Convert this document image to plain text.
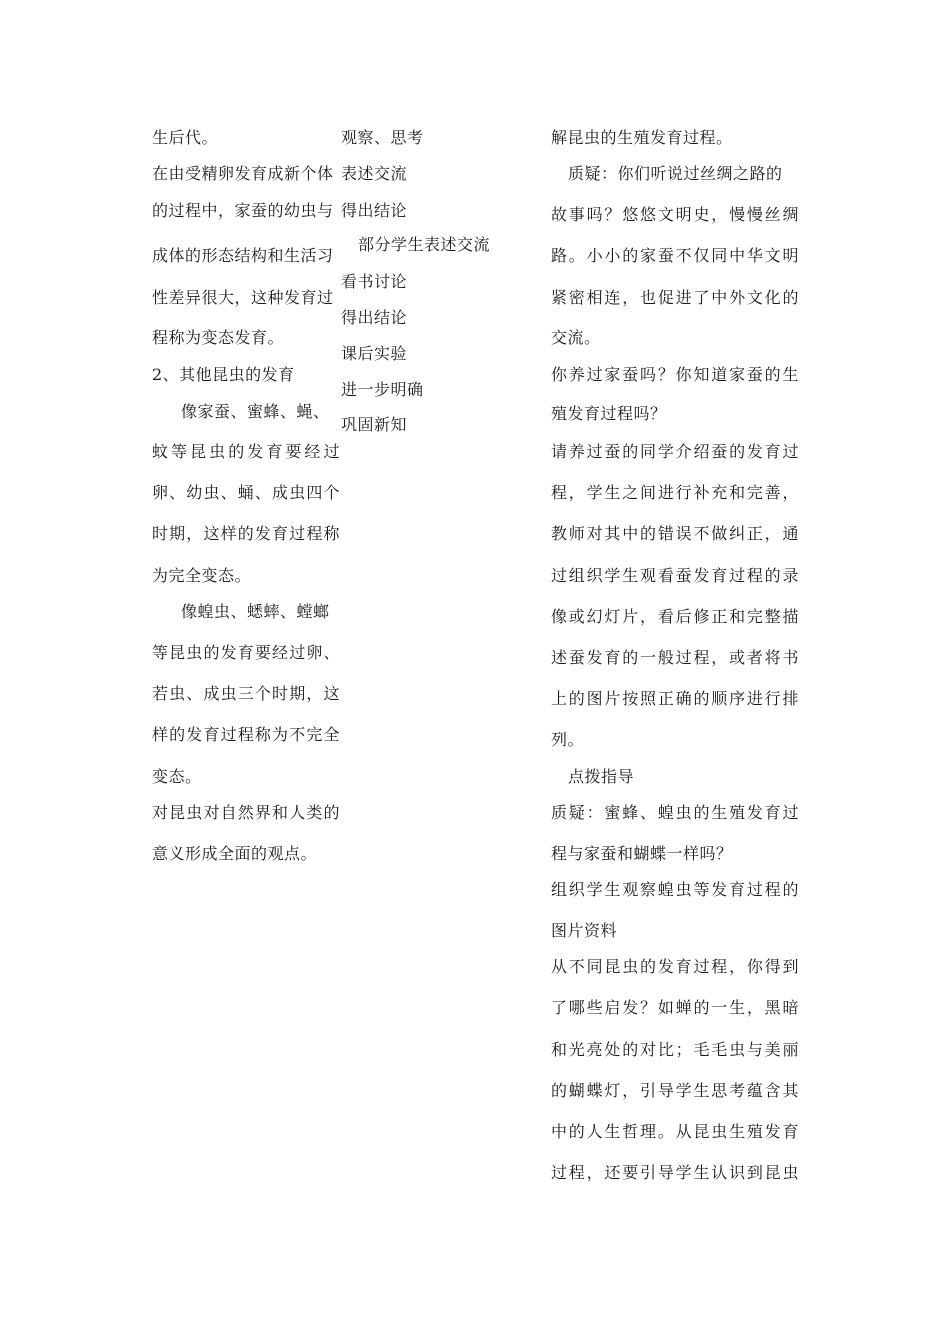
生后代。
在由受精卵发育成新个体
的过程中，家蚕的幼虫与
成体的形态结构和生活习
性差异很大，这种发育过
程称为变态发育。
2、其他昆虫的发育
像家蚕、蜜蜂、蝇、
蚊等昆虫的发育要经过
卵、幼虫、蛹、成虫四个
时期，这样的发育过程称
为完全变态。
像蝗虫、蟋蟀、螳螂
等昆虫的发育要经过卵、
若虫、成虫三个时期，这
样的发育过程称为不完全
变态。
对昆虫对自然界和人类的
意义形成全面的观点。
观察、思考
表述交流
得出结论
部分学生表述交流
看书讨论
得出结论
课后实验
进一步明确
巩固新知
解昆虫的生殖发育过程。
质疑：你们听说过丝绸之路的
故事吗？悠悠文明史，慢慢丝绸
路。小小的家蚕不仅同中华文明
紧密相连，也促进了中外文化的
交流。
你养过家蚕吗？你知道家蚕的生
殖发育过程吗？
请养过蚕的同学介绍蚕的发育过
程，学生之间进行补充和完善，
教师对其中的错误不做纠正，通
过组织学生观看蚕发育过程的录
像或幻灯片，看后修正和完整描
述蚕发育的一般过程，或者将书
上的图片按照正确的顺序进行排
列。
点拨指导
质疑：蜜蜂、蝗虫的生殖发育过
程与家蚕和蝴蝶一样吗？
组织学生观察蝗虫等发育过程的
图片资料
从不同昆虫的发育过程，你得到
了哪些启发？如蝉的一生，黑暗
和光亮处的对比；毛毛虫与美丽
的蝴蝶灯，引导学生思考蕴含其
中的人生哲理。从昆虫生殖发育
过程，还要引导学生认识到昆虫
